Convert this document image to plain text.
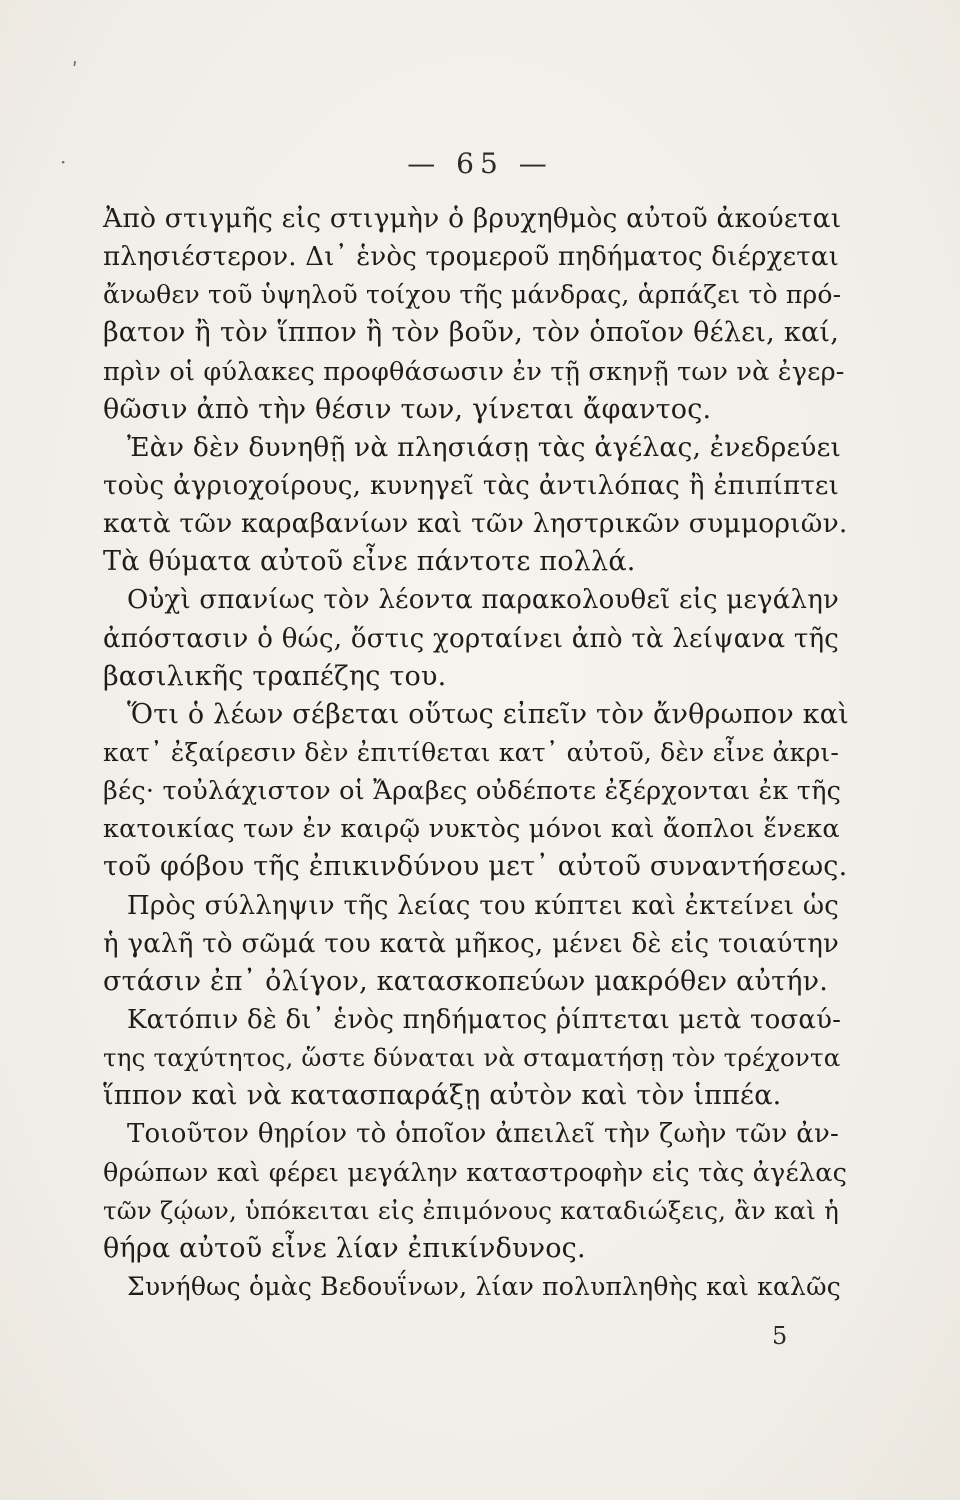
ʹ
·	— 65 —
Ἀπὸ στιγμῆς εἰς στιγμὴν ὁ βρυχηθμὸς αὐτοῦ ἀκούεται
πλησιέστερον. Δι᾽ ἑνὸς τρομεροῦ πηδήματος διέρχεται
ἄνωθεν τοῦ ὑψηλοῦ τοίχου τῆς μάνδρας, ἁρπάζει τὸ πρό-
βατον ἢ τὸν ἵππον ἢ τὸν βοῦν, τὸν ὁποῖον θέλει, καί,
πρὶν οἱ φύλακες προφθάσωσιν ἐν τῇ σκηνῇ των νὰ ἐγερ-
θῶσιν ἀπὸ τὴν θέσιν των, γίνεται ἄφαντος.
Ἐὰν δὲν δυνηθῇ νὰ πλησιάσῃ τὰς ἀγέλας, ἐνεδρεύει
τοὺς ἀγριοχοίρους, κυνηγεῖ τὰς ἀντιλόπας ἢ ἐπιπίπτει
κατὰ τῶν καραβανίων καὶ τῶν ληστρικῶν συμμοριῶν.
Τὰ θύματα αὐτοῦ εἶνε πάντοτε πολλά.
Οὐχὶ σπανίως τὸν λέοντα παρακολουθεῖ εἰς μεγάλην
ἀπόστασιν ὁ θώς, ὅστις χορταίνει ἀπὸ τὰ λείψανα τῆς
βασιλικῆς τραπέζης του.
Ὅτι ὁ λέων σέβεται οὕτως εἰπεῖν τὸν ἄνθρωπον καὶ
κατ᾽ ἐξαίρεσιν δὲν ἐπιτίθεται κατ᾽ αὐτοῦ, δὲν εἶνε ἀκρι-
βές· τοὐλάχιστον οἱ Ἄραβες οὐδέποτε ἐξέρχονται ἐκ τῆς
κατοικίας των ἐν καιρῷ νυκτὸς μόνοι καὶ ἄοπλοι ἕνεκα
τοῦ φόβου τῆς ἐπικινδύνου μετ᾽ αὐτοῦ συναντήσεως.
Πρὸς σύλληψιν τῆς λείας του κύπτει καὶ ἐκτείνει ὡς
ἡ γαλῆ τὸ σῶμά του κατὰ μῆκος, μένει δὲ εἰς τοιαύτην
στάσιν ἐπ᾽ ὀλίγον, κατασκοπεύων μακρόθεν αὐτήν.
Κατόπιν δὲ δι᾽ ἑνὸς πηδήματος ῥίπτεται μετὰ τοσαύ-
της ταχύτητος, ὥστε δύναται νὰ σταματήσῃ τὸν τρέχοντα
ἵππον καὶ νὰ κατασπαράξῃ αὐτὸν καὶ τὸν ἱππέα.
Τοιοῦτον θηρίον τὸ ὁποῖον ἀπειλεῖ τὴν ζωὴν τῶν ἀν-
θρώπων καὶ φέρει μεγάλην καταστροφὴν εἰς τὰς ἀγέλας
τῶν ζῴων, ὑπόκειται εἰς ἐπιμόνους καταδιώξεις, ἂν καὶ ἡ
θήρα αὐτοῦ εἶνε λίαν ἐπικίνδυνος.
Συνήθως ὁμὰς Βεδουΐνων, λίαν πολυπληθὴς καὶ καλῶς
5
